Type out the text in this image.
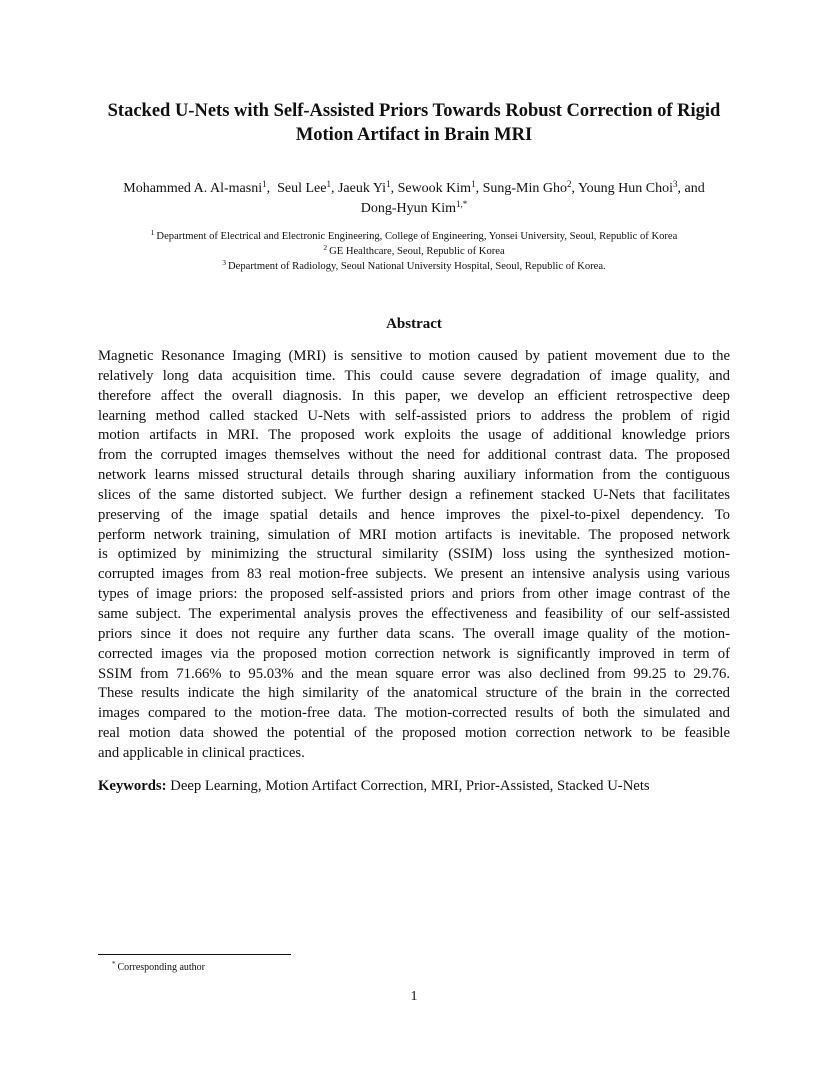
Stacked U-Nets with Self-Assisted Priors Towards Robust Correction of Rigid
Motion Artifact in Brain MRI
Mohammed A. Al-masni$^1$,  Seul Lee$^1$, Jaeuk Yi$^1$, Sewook Kim$^1$, Sung-Min Gho$^2$, Young Hun Choi$^3$, and
Dong-Hyun Kim$^{1,*}$
$^1$ Department of Electrical and Electronic Engineering, College of Engineering, Yonsei University, Seoul, Republic of Korea
$^2$ GE Healthcare, Seoul, Republic of Korea
$^3$ Department of Radiology, Seoul National University Hospital, Seoul, Republic of Korea.
Abstract
Magnetic Resonance Imaging (MRI) is sensitive to motion caused by patient movement due to the
relatively long data acquisition time. This could cause severe degradation of image quality, and
therefore affect the overall diagnosis. In this paper, we develop an efficient retrospective deep
learning method called stacked U-Nets with self-assisted priors to address the problem of rigid
motion artifacts in MRI. The proposed work exploits the usage of additional knowledge priors
from the corrupted images themselves without the need for additional contrast data. The proposed
network learns missed structural details through sharing auxiliary information from the contiguous
slices of the same distorted subject. We further design a refinement stacked U-Nets that facilitates
preserving of the image spatial details and hence improves the pixel-to-pixel dependency. To
perform network training, simulation of MRI motion artifacts is inevitable. The proposed network
is optimized by minimizing the structural similarity (SSIM) loss using the synthesized motion-
corrupted images from 83 real motion-free subjects. We present an intensive analysis using various
types of image priors: the proposed self-assisted priors and priors from other image contrast of the
same subject. The experimental analysis proves the effectiveness and feasibility of our self-assisted
priors since it does not require any further data scans. The overall image quality of the motion-
corrected images via the proposed motion correction network is significantly improved in term of
SSIM from 71.66% to 95.03% and the mean square error was also declined from 99.25 to 29.76.
These results indicate the high similarity of the anatomical structure of the brain in the corrected
images compared to the motion-free data. The motion-corrected results of both the simulated and
real motion data showed the potential of the proposed motion correction network to be feasible
and applicable in clinical practices.
Keywords: Deep Learning, Motion Artifact Correction, MRI, Prior-Assisted, Stacked U-Nets
* Corresponding author
1
